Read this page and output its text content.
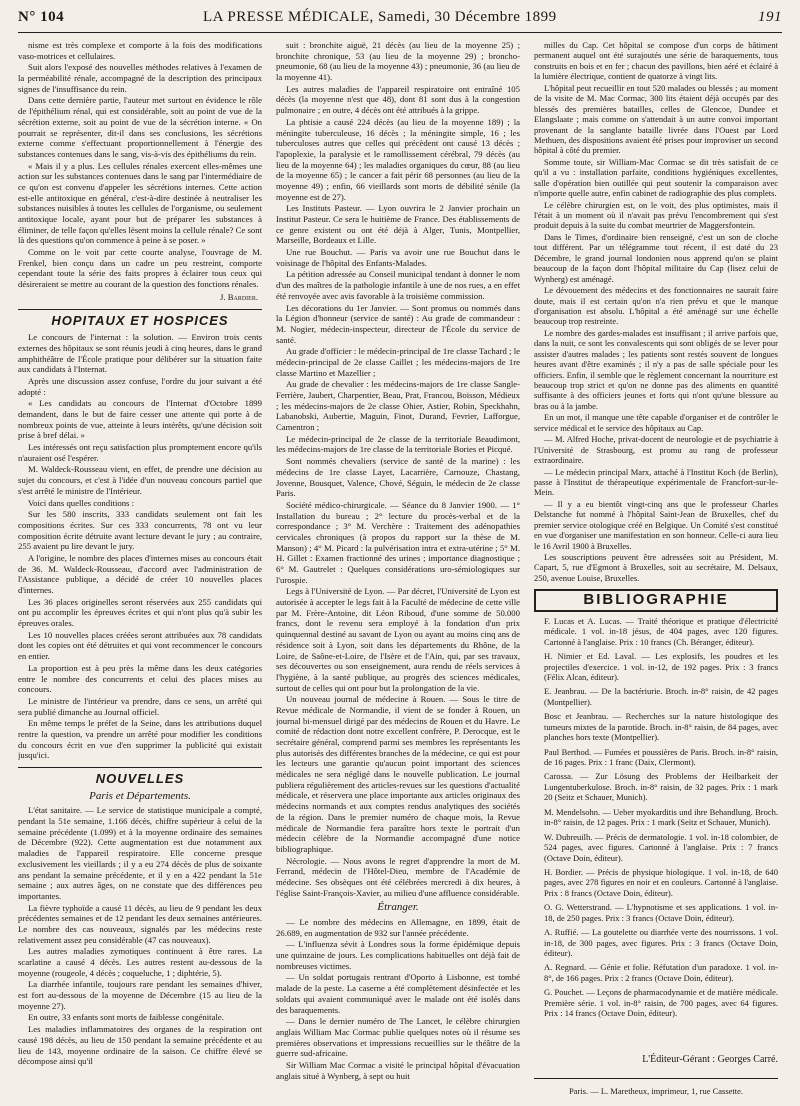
N° 104	LA PRESSE MÉDICALE, Samedi, 30 Décembre 1899	191

nisme est très complexe et comporte à la fois des modifications vaso-motrices et cellulaires.

Suit alors l'exposé des nouvelles méthodes relatives à l'examen de la perméabilité rénale, accompagné de la description des principaux signes de l'insuffisance du rein.

Dans cette dernière partie, l'auteur met surtout en évidence le rôle de l'épithélium rénal, qui est considérable, soit au point de vue de la sécrétion externe, soit au point de vue de la sécrétion interne. « On pourrait se représenter, dit-il dans ses conclusions, les sécrétions externe comme s'effectuant proportionnellement à l'énergie des substances contenues dans le sang, vis-à-vis des épithéliums du rein.

« Mais il y a plus. Les cellules rénales exercent elles-mêmes une action sur les substances contenues dans le sang par l'intermédiaire de ce qu'on est convenu d'appeler les sécrétions internes. Cette action est-elle antitoxique en général, c'est-à-dire destinée à neutraliser les substances nuisibles à toutes les cellules de l'organisme, ou seulement antitoxique locale, ayant pour but de préparer les substances à éliminer, de telle façon qu'elles lèsent moins la cellule rénale? Ce sont là des questions qu'on commence à peine à se poser. »

Comme on le voit par cette courte analyse, l'ouvrage de M. Frenkel, bien conçu dans un cadre un peu restreint, comporte cependant toute la série des faits propres à éclairer tous ceux qui désireraient se mettre au courant de la question des fonctions rénales.

J. Bardier.
HOPITAUX ET HOSPICES

Le concours de l'internat : la solution. — Environ trois cents externes des hôpitaux se sont réunis jeudi à cinq heures, dans le grand amphithéâtre de l'École pratique pour délibérer sur la situation faite aux candidats à l'Internat.

Après une discussion assez confuse, l'ordre du jour suivant a été adopté :

« Les candidats au concours de l'Internat d'Octobre 1899 demandent, dans le but de faire cesser une attente qui porte à de nombreux points de vue, atteinte à leurs intérêts, qu'une décision soit prise à bref délai. »

Les intéressés ont reçu satisfaction plus promptement encore qu'ils n'auraient osé l'espérer.

M. Waldeck-Rousseau vient, en effet, de prendre une décision au sujet du concours, et c'est à l'idée d'un nouveau concours partiel que s'est arrêté le ministre de l'Intérieur.

Voici dans quelles conditions :

Sur les 580 inscrits, 333 candidats seulement ont fait les compositions écrites. Sur ces 333 concurrents, 78 ont vu leur composition écrite détruite avant lecture devant le jury ; au contraire, 255 avaient pu lire devant le jury.

A l'origine, le nombre des places d'internes mises au concours était de 36. M. Waldeck-Rousseau, d'accord avec l'administration de l'Assistance publique, a décidé de créer 10 nouvelles places d'internes.

Les 36 places originelles seront réservées aux 255 candidats qui ont pu accomplir les épreuves écrites et qui n'ont plus qu'à subir les épreuves orales.

Les 10 nouvelles places créées seront attribuées aux 78 candidats dont les copies ont été détruites et qui vont recommencer le concours en entier.

La proportion est à peu près la même dans les deux catégories entre le nombre des concurrents et celui des places mises au concours.

Le ministre de l'intérieur va prendre, dans ce sens, un arrêté qui sera publié dimanche au Journal officiel.

En même temps le préfet de la Seine, dans les attributions duquel rentre la question, va prendre un arrêté pour modifier les conditions du concours écrit en vue d'en supprimer la publicité qui existait jusqu'ici.

NOUVELLES
Paris et Départements.

L'état sanitaire. — Le service de statistique municipale a compté, pendant la 51e semaine, 1.166 décès, chiffre supérieur à celui de la semaine précédente (1.099) et à la moyenne ordinaire des semaines de Décembre (922). Cette augmentation est due notamment aux maladies de l'appareil respiratoire. Elle concerne presque exclusivement les vieillards ; il y a eu 274 décès de plus de soixante ans pendant la semaine précédente, et il y en a 422 pendant la 51e semaine ; aux autres âges, on ne constate que des différences peu importantes.

La fièvre typhoïde a causé 11 décès, au lieu de 9 pendant les deux précédentes semaines et de 12 pendant les deux semaines antérieures. Le nombre des cas nouveaux, signalés par les médecins reste relativement assez peu considérable (47 cas nouveaux).

Les autres maladies zymotiques continuent à être rares. La scarlatine a causé 4 décès. Les autres restent au-dessous de la moyenne (rougeole, 4 décès ; coqueluche, 1 ; diphtérie, 5).

La diarrhée infantile, toujours rare pendant les semaines d'hiver, est fort au-dessous de la moyenne de Décembre (15 au lieu de la moyenne 27).

En outre, 33 enfants sont morts de faiblesse congénitale.

Les maladies inflammatoires des organes de la respiration ont causé 198 décès, au lieu de 150 pendant la semaine précédente et au lieu de 143, moyenne ordinaire de la saison. Ce chiffre élevé se décompose ainsi qu'il

suit : bronchite aiguë, 21 décès (au lieu de la moyenne 25) ; bronchite chronique, 53 (au lieu de la moyenne 29) ; broncho-pneumonie, 68 (au lieu de la moyenne 43) ; pneumonie, 36 (au lieu de la moyenne 41).

Les autres maladies de l'appareil respiratoire ont entraîné 105 décès (la moyenne n'est que 48), dont 81 sont dus à la congestion pulmonaire ; en outre, 4 décès ont été attribués à la grippe.

La phtisie a causé 224 décès (au lieu de la moyenne 189) ; la méningite tuberculeuse, 16 décès ; la méningite simple, 16 ; les tuberculoses autres que celles qui précèdent ont causé 13 décès ; l'apoplexie, la paralysie et le ramollissement cérébral, 79 décès (au lieu de la moyenne 64) ; les maladies organiques du cœur, 88 (au lieu de la moyenne 65) ; le cancer a fait périr 68 personnes (au lieu de la moyenne 49) ; enfin, 66 vieillards sont morts de débilité sénile (la moyenne est de 27).

Les Instituts Pasteur. — Lyon ouvrira le 2 Janvier prochain un Institut Pasteur. Ce sera le huitième de France. Des établissements de ce genre existent ou ont été déjà à Alger, Tunis, Montpellier, Marseille, Bordeaux et Lille.

Une rue Bouchut. — Paris va avoir une rue Bouchut dans le voisinage de l'hôpital des Enfants-Malades.

La pétition adressée au Conseil municipal tendant à donner le nom d'un des maîtres de la pathologie infantile à une de nos rues, a en effet été renvoyée avec avis favorable à la troisième commission.

Les décorations du 1er Janvier. — Sont promus ou nommés dans la Légion d'honneur (service de santé) : Au grade de commandeur : M. Nogier, médecin-inspecteur, directeur de l'École du service de santé.

Au grade d'officier : le médecin-principal de 1re classe Tachard ; le médecin-principal de 2e classe Caillet ; les médecins-majors de 1re classe Martino et Mazellier ;

Au grade de chevalier : les médecins-majors de 1re classe Sangle-Ferrière, Jaubert, Charpentier, Beau, Prat, Francou, Boisson, Médieux ; les médecins-majors de 2e classe Ohier, Astier, Robin, Speckhahn, Labanobski, Aubertie, Maguin, Finot, Durand, Fevrier, Lafforgue, Camentron ;

Le médecin-principal de 2e classe de la territoriale Beaudimont, les médecins-majors de 1re classe de la territoriale Bories et Picqué.

Sont nommés chevaliers (service de santé de la marine) : les médecins de 1re classe Layet, Lacarrière, Carnouze, Chastang, Jovenne, Bousquet, Valence, Chové, Séguin, le médecin de 2e classe Paris.

Société médico-chirurgicale. — Séance du 8 Janvier 1900. — 1° Installation du bureau ; 2° lecture du procès-verbal et de la correspondance ; 3° M. Verchère : Traitement des adénopathies cervicales chroniques (à propos du rapport sur la thèse de M. Manson) ; 4° M. Picard : la pulvérisation intra et extra-utérine ; 5° M. H. Gillet : Examen fractionné des urines ; importance diagnostique ; 6° M. Gautrelet : Quelques considérations uro-sémiologiques sur l'urospie.

Legs à l'Université de Lyon. — Par décret, l'Université de Lyon est autorisée à accepter le legs fait à la Faculté de médecine de cette ville par M. Frère-Antoine, dit Léon Riboud, d'une somme de 50.000 francs, dont le revenu sera employé à la fondation d'un prix quinquennal destiné au savant de Lyon ou ayant au moins cinq ans de résidence soit à Lyon, soit dans les départements du Rhône, de la Loire, de Saône-et-Loire, de l'Isère et de l'Ain, qui, par ses travaux, ses découvertes ou son enseignement, aura rendu de réels services à l'hygiène, à la santé publique, au progrès des sciences médicales, surtout de celles qui ont pour but la prolongation de la vie.

Un nouveau journal de médecine à Rouen. — Sous le titre de Revue médicale de Normandie, il vient de se fonder à Rouen, un journal bi-mensuel dirigé par des médecins de Rouen et du Havre. Le comité de rédaction dont notre excellent confrère, P. Derocque, est le secrétaire général, comprend parmi ses membres les représentants les plus autorisés des différentes branches de la médecine, ce qui est pour les lecteurs une garantie qu'aucun point important des sciences médicales ne sera négligé dans le nouvelle publication. Le journal publiera régulièrement des articles-revues sur les questions d'actualité médicale, et réservera une place importante aux articles originaux des médecins normands et aux comptes rendus analytiques des sociétés de la région. Dans le premier numéro de chaque mois, la Revue médicale de Normandie fera paraître hors texte le portrait d'un médecin célèbre de la Normandie accompagné d'une notice bibliographique.

Nécrologie. — Nous avons le regret d'apprendre la mort de M. Ferrand, médecin de l'Hôtel-Dieu, membre de l'Académie de médecine. Ses obsèques ont été célébrées mercredi à dix heures, à l'église Saint-François-Xavier, au milieu d'une affluence considérable.

Étranger.

— Le nombre des médecins en Allemagne, en 1899, était de 26.689, en augmentation de 932 sur l'année précédente.

— L'influenza sévit à Londres sous la forme épidémique depuis une quinzaine de jours. Les complications habituelles ont déjà fait de nombreuses victimes.

— Un soldat portugais rentrant d'Oporto à Lisbonne, est tombé malade de la peste. La caserne a été complètement désinfectée et les soldats qui avaient communiqué avec le malade ont été isolés dans des baraquements.

— Dans le dernier numéro de The Lancet, le célèbre chirurgien anglais William Mac Cormac publie quelques notes où il résume ses premières observations et impressions recueillies sur le théâtre de la guerre sud-africaine.

Sir William Mac Cormac a visité le principal hôpital d'évacuation anglais situé à Wynberg, à sept ou huit

milles du Cap. Cet hôpital se compose d'un corps de bâtiment permanent auquel ont été surajoutés une série de baraquements, tous construits en bois et en fer ; chacun des pavillons, bien aéré et éclairé à la lumière électrique, contient de quatorze à vingt lits.

L'hôpital peut recueillir en tout 520 malades ou blessés ; au moment de la visite de M. Mac Cormac, 300 lits étaient déjà occupés par des blessés des premières batailles, celles de Glencoe, Dundee et Elangslaate ; mais comme on s'attendait à un autre convoi important provenant de la sanglante bataille livrée dans l'Ouest par Lord Methuen, des dispositions avaient été prises pour improviser un second hôpital à côté du premier.

Somme toute, sir William-Mac Cormac se dit très satisfait de ce qu'il a vu : installation parfaite, conditions hygiéniques excellentes, salle d'opération bien outillée qui peut soutenir la comparaison avec n'importe quelle autre, enfin cabinet de radiographie des plus complets.

Le célèbre chirurgien est, on le voit, des plus optimistes, mais il l'était à un moment où il n'avait pas prévu l'encombrement qui s'est produit depuis à la suite du combat meurtrier de Maggersfontein.

Dans le Times, d'ordinaire bien renseigné, c'est un son de cloche tout différent. Par un télégramme tout récent, il est daté du 23 Décembre, le grand journal londonien nous apprend qu'on se plaint beaucoup de la façon dont l'hôpital militaire du Cap (lisez celui de Wynberg) est aménagé.

Le dévouement des médecins et des fonctionnaires ne saurait faire doute, mais il est certain qu'on n'a rien prévu et que le manque d'organisation est absolu. L'hôpital a été aménagé sur une échelle beaucoup trop restreinte.

Le nombre des gardes-malades est insuffisant ; il arrive parfois que, dans la nuit, ce sont les convalescents qui sont obligés de se lever pour assister d'autres malades ; les patients sont restés souvent de longues heures avant d'être examinés ; il n'y a pas de salle spéciale pour les officiers. Enfin, il semble que le règlement concernant la nourriture est beaucoup trop strict et qu'on ne donne pas des aliments en quantité suffisante à des officiers jeunes et forts qui n'ont qu'une blessure au bras ou à la jambe.

En un mot, il manque une tête capable d'organiser et de contrôler le service médical et le service des hôpitaux au Cap.

— M. Alfred Hoche, privat-docent de neurologie et de psychiatrie à l'Université de Strasbourg, est promu au rang de professeur extraordinaire.

— Le médecin principal Marx, attaché à l'Institut Koch (de Berlin), passe à l'Institut de thérapeutique expérimentale de Francfort-sur-le-Mein.

— Il y a eu bientôt vingt-cinq ans que le professeur Charles Delstanche fut nommé à l'hôpital Saint-Jean de Bruxelles, chef du premier service otologique créé en Belgique. Un Comité s'est constitué en vue d'organiser une manifestation en son honneur. Celle-ci aura lieu le 16 Avril 1900 à Bruxelles.

Les souscriptions peuvent être adressées soit au Président, M. Capart, 5, rue d'Egmont à Bruxelles, soit au secrétaire, M. Delsaux, 250, avenue Louise, Bruxelles.

BIBLIOGRAPHIE

F. Lucas et A. Lucas. — Traité théorique et pratique d'électricité médicale. 1 vol. in-18 jésus, de 404 pages, avec 120 figures. Cartonné à l'anglaise. Prix : 10 francs (Ch. Béranger, éditeur).

H. Nimier et Ed. Laval. — Les explosifs, les poudres et les projectiles d'exercice. 1 vol. in-12, de 192 pages. Prix : 3 francs (Félix Alcan, éditeur).

E. Jeanbrau. — De la bactériurie. Broch. in-8° raisin, de 42 pages (Montpellier).

Bosc et Jeanbrau. — Recherches sur la nature histologique des tumeurs mixtes de la parotide. Broch. in-8° raisin, de 84 pages, avec planches hors texte (Montpellier).

Paul Berthod. — Fumées et poussières de Paris. Broch. in-8° raisin, de 16 pages. Prix : 1 franc (Daix, Clermont).

Carossa. — Zur Lösung des Problems der Heilbarkeit der Lungentuberkulose. Broch. in-8° raisin, de 32 pages. Prix : 1 mark 20 (Seitz et Schauer, Munich).

M. Mendelsohn. — Ueber myokarditis und ihre Behandlung. Broch. in-8° raisin, de 12 pages. Prix : 1 mark (Seitz et Schauer, Munich).

W. Dubreuilh. — Précis de dermatologie. 1 vol. in-18 colombier, de 524 pages, avec figures. Cartonné à l'anglaise. Prix : 7 francs (Octave Doin, éditeur).

H. Bordier. — Précis de physique biologique. 1 vol. in-18, de 640 pages, avec 278 figures en noir et en couleurs. Cartonné à l'anglaise. Prix : 8 francs (Octave Doin, éditeur).

O. G. Wetterstrand. — L'hypnotisme et ses applications. 1 vol. in-18, de 250 pages. Prix : 3 francs (Octave Doin, éditeur).

A. Ruffié. — La goutelette ou diarrhée verte des nourrissons. 1 vol. in-18, de 300 pages, avec figures. Prix : 3 francs (Octave Doin, éditeur).

A. Regnard. — Génie et folie. Réfutation d'un paradoxe. 1 vol. in-8°, de 166 pages. Prix : 2 francs (Octave Doin, éditeur).

G. Pouchet. — Leçons de pharmacodynamie et de matière médicale. Première série. 1 vol. in-8° raisin, de 700 pages, avec 64 figures. Prix : 14 francs (Octave Doin, éditeur).

L'Éditeur-Gérant : Georges Carré.
Paris. — L. Maretheux, imprimeur, 1, rue Cassette.
